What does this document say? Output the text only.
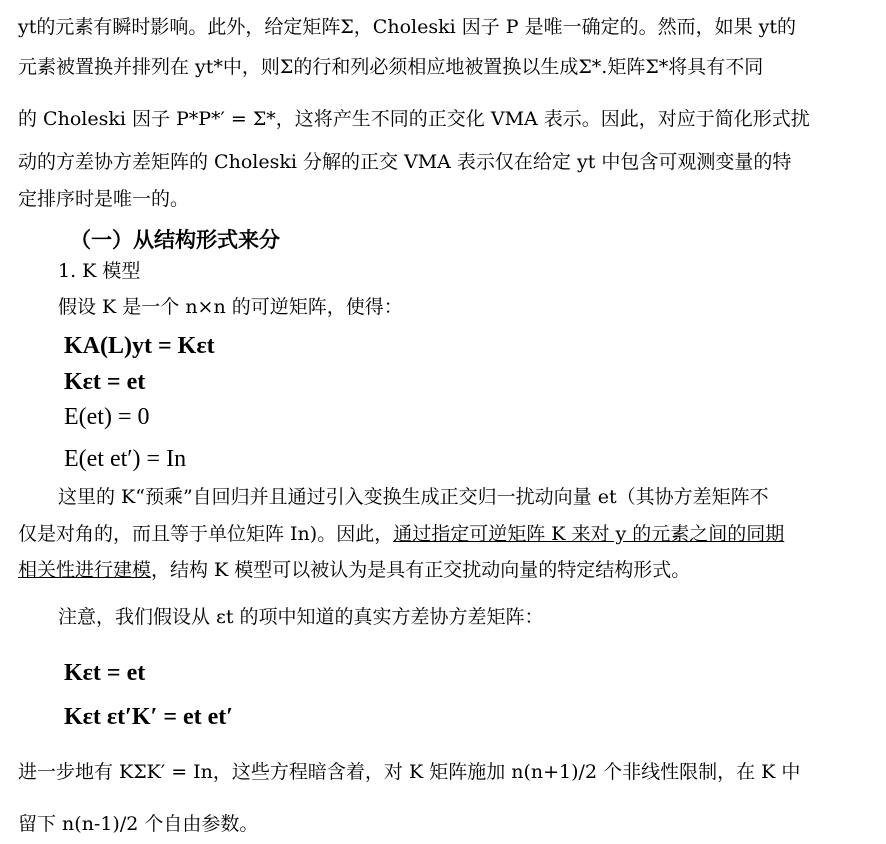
yt的元素有瞬时影响。此外，给定矩阵Σ，Choleski 因子 P 是唯一确定的。然而，如果 yt的
元素被置换并排列在 yt*中，则Σ的行和列必须相应地被置换以生成Σ*.矩阵Σ*将具有不同
的 Choleski 因子 P*P*′ = Σ*，这将产生不同的正交化 VMA 表示。因此，对应于简化形式扰
动的方差协方差矩阵的 Choleski 分解的正交 VMA 表示仅在给定 yt 中包含可观测变量的特
定排序时是唯一的。
（一）从结构形式来分
1. K 模型
假设 K 是一个 n×n 的可逆矩阵，使得：
KA(L)yt = Kεt
Kεt = et
E(et) = 0
E(et et′) = In
这里的 K“预乘”自回归并且通过引入变换生成正交归一扰动向量 et（其协方差矩阵不
仅是对角的，而且等于单位矩阵 In)。因此，通过指定可逆矩阵 K 来对 y 的元素之间的同期
相关性进行建模，结构 K 模型可以被认为是具有正交扰动向量的特定结构形式。
注意，我们假设从 εt 的项中知道的真实方差协方差矩阵：
Kεt = et
Kεt εt′K′ = et et′
进一步地有 KΣK′ = In，这些方程暗含着，对 K 矩阵施加 n(n+1)/2 个非线性限制，在 K 中
留下 n(n-1)/2 个自由参数。
